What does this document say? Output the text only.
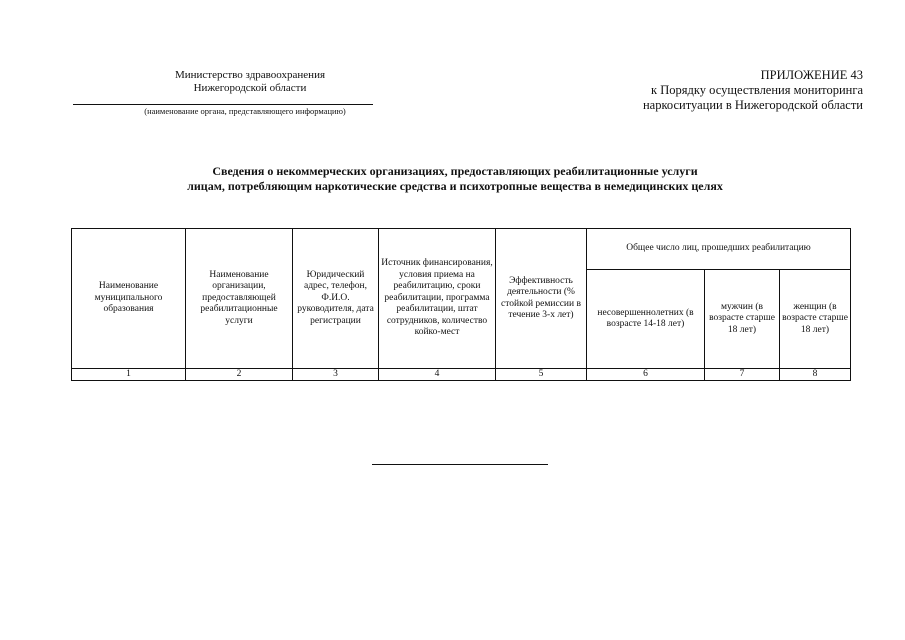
Министерство здравоохранения
Нижегородской области
(наименование органа, представляющего информацию)
ПРИЛОЖЕНИЕ 43
к Порядку осуществления мониторинга
наркоситуации в Нижегородской области
Сведения о некоммерческих организациях, предоставляющих реабилитационные услуги
лицам, потребляющим наркотические средства и психотропные вещества в немедицинских целях
Наименование муниципального образования	Наименование организации, предоставляющей реабилитационные услуги	Юридический адрес, телефон, Ф.И.О. руководителя, дата регистрации	Источник финансирования, условия приема на реабилитацию, сроки реабилитации, программа реабилитации, штат сотрудников, количество койко-мест	Эффективность деятельности (% стойкой ремиссии в течение 3-х лет)	Общее число лиц, прошедших реабилитацию		
					несовершеннолетних (в возрасте 14-18 лет)	мужчин (в возрасте старше 18 лет)	женщин (в возрасте старше 18 лет)
1	2	3	4	5	6	7	8
